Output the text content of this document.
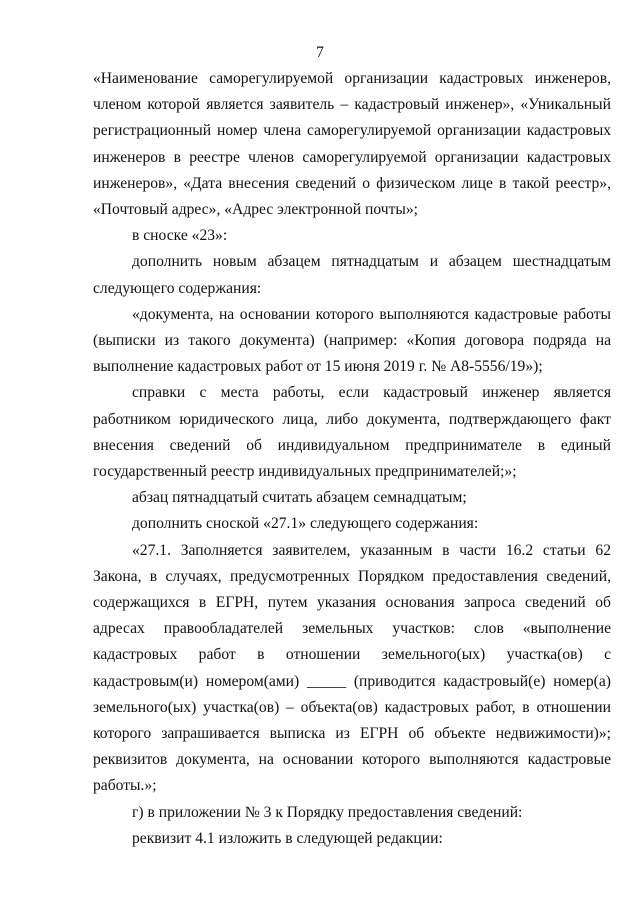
7

«Наименование саморегулируемой организации кадастровых инженеров, членом которой является заявитель – кадастровый инженер», «Уникальный регистрационный номер члена саморегулируемой организации кадастровых инженеров в реестре членов саморегулируемой организации кадастровых инженеров», «Дата внесения сведений о физическом лице в такой реестр», «Почтовый адрес», «Адрес электронной почты»;

в сноске «23»:

дополнить новым абзацем пятнадцатым и абзацем шестнадцатым следующего содержания:

«документа, на основании которого выполняются кадастровые работы (выписки из такого документа) (например: «Копия договора подряда на выполнение кадастровых работ от 15 июня 2019 г. № А8-5556/19»);

справки с места работы, если кадастровый инженер является работником юридического лица, либо документа, подтверждающего факт внесения сведений об индивидуальном предпринимателе в единый государственный реестр индивидуальных предпринимателей;»;

абзац пятнадцатый считать абзацем семнадцатым;

дополнить сноской «27.1» следующего содержания:

«27.1. Заполняется заявителем, указанным в части 16.2 статьи 62 Закона, в случаях, предусмотренных Порядком предоставления сведений, содержащихся в ЕГРН, путем указания основания запроса сведений об адресах правообладателей земельных участков: слов «выполнение кадастровых работ в отношении земельного(ых) участка(ов) с кадастровым(и) номером(ами) _____ (приводится кадастровый(е) номер(а) земельного(ых) участка(ов) – объекта(ов) кадастровых работ, в отношении которого запрашивается выписка из ЕГРН об объекте недвижимости)»; реквизитов документа, на основании которого выполняются кадастровые работы.»;

г) в приложении № 3 к Порядку предоставления сведений:

реквизит 4.1 изложить в следующей редакции:
